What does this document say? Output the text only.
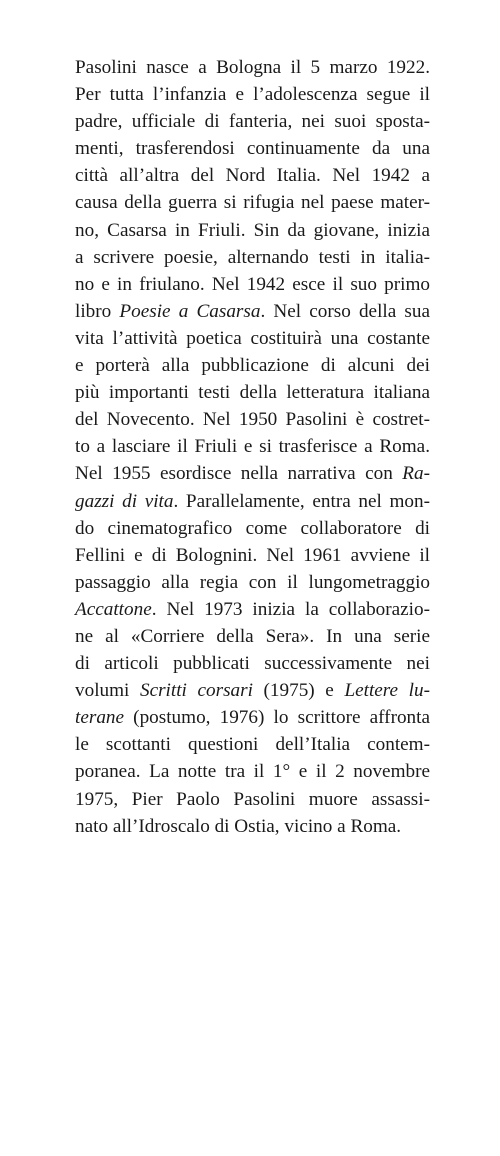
Pasolini nasce a Bologna il 5 marzo 1922.
Per tutta l’infanzia e l’adolescenza segue il
padre, ufficiale di fanteria, nei suoi sposta-
menti, trasferendosi continuamente da una
città all’altra del Nord Italia. Nel 1942 a
causa della guerra si rifugia nel paese mater-
no, Casarsa in Friuli. Sin da giovane, inizia
a scrivere poesie, alternando testi in italia-
no e in friulano. Nel 1942 esce il suo primo
libro Poesie a Casarsa. Nel corso della sua
vita l’attività poetica costituirà una costante
e porterà alla pubblicazione di alcuni dei
più importanti testi della letteratura italiana
del Novecento. Nel 1950 Pasolini è costret-
to a lasciare il Friuli e si trasferisce a Roma.
Nel 1955 esordisce nella narrativa con Ra-
gazzi di vita. Parallelamente, entra nel mon-
do cinematografico come collaboratore di
Fellini e di Bolognini. Nel 1961 avviene il
passaggio alla regia con il lungometraggio
Accattone. Nel 1973 inizia la collaborazio-
ne al «Corriere della Sera». In una serie
di articoli pubblicati successivamente nei
volumi Scritti corsari (1975) e Lettere lu-
terane (postumo, 1976) lo scrittore affronta
le scottanti questioni dell’Italia contem-
poranea. La notte tra il 1° e il 2 novembre
1975, Pier Paolo Pasolini muore assassi-
nato all’Idroscalo di Ostia, vicino a Roma.
